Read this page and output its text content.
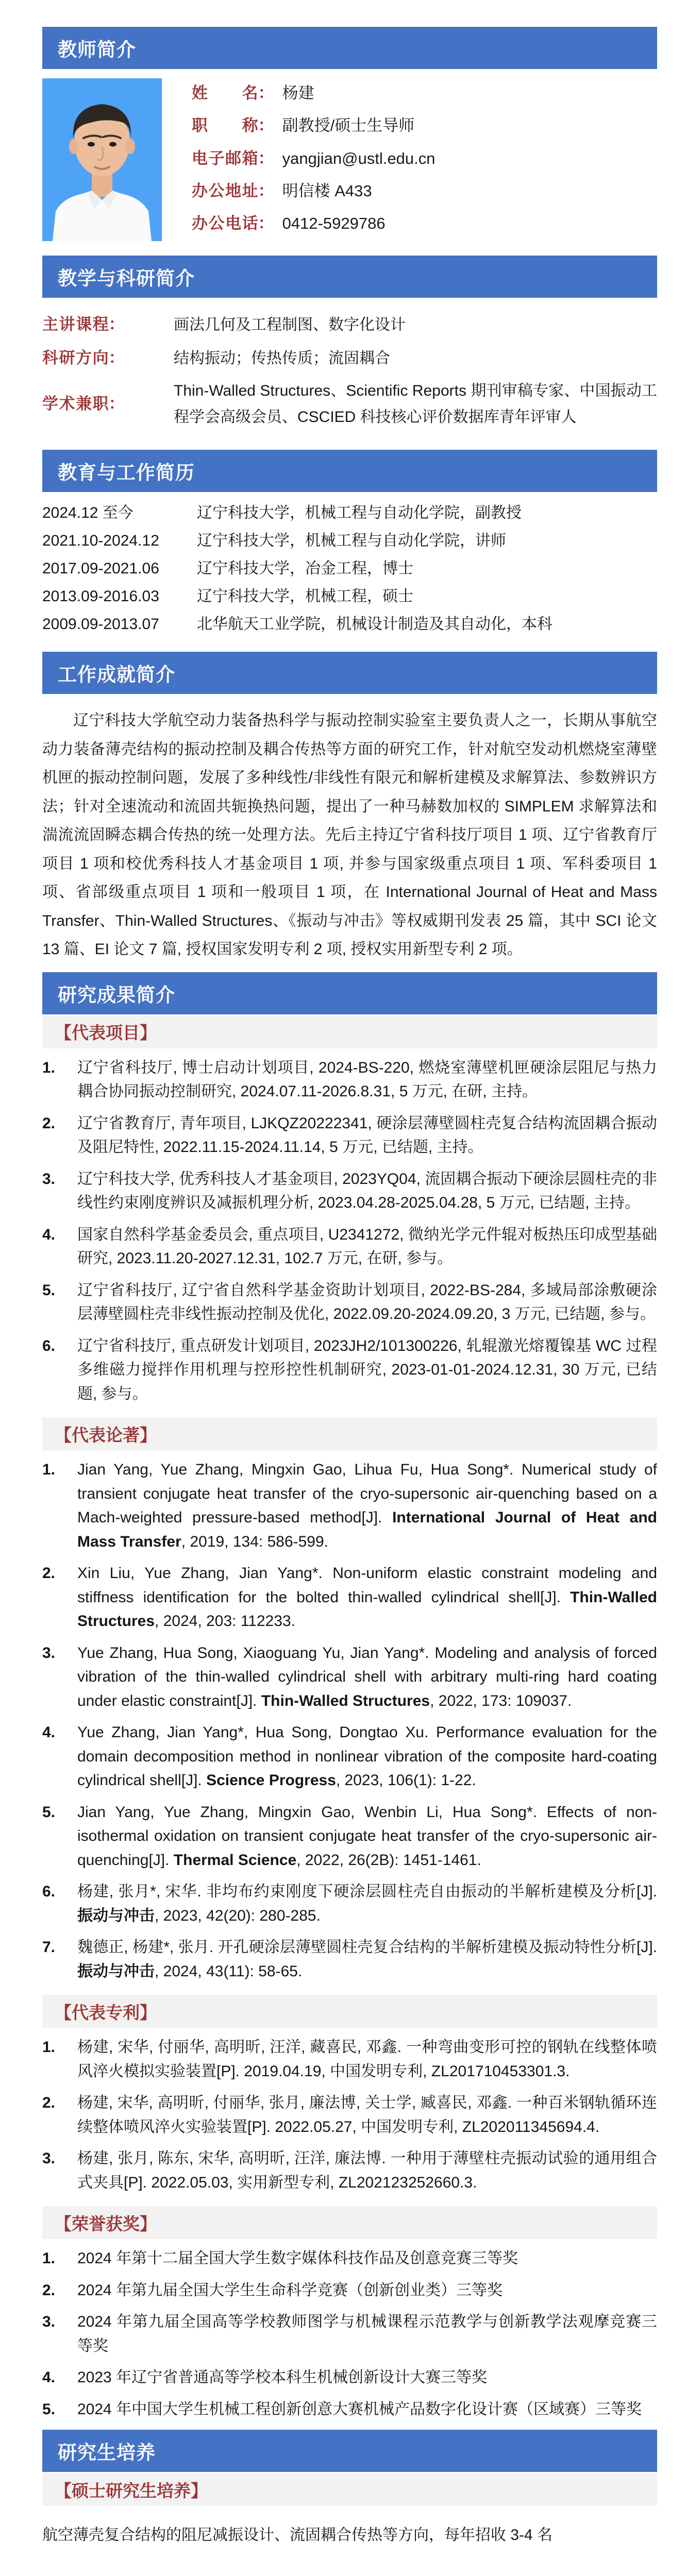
教师简介
姓名： 杨建
职称： 副教授/硕士生导师
电子邮箱： yangjian@ustl.edu.cn
办公地址： 明信楼 A433
办公电话： 0412-5929786
教学与科研简介
主讲课程：	画法几何及工程制图、数字化设计
科研方向：	结构振动；传热传质；流固耦合
学术兼职：
Thin-Walled Structures、Scientific Reports 期刊审稿专家、中国振动工程学会高级会员、CSCIED 科技核心评价数据库青年评审人
教育与工作简历
2024.12 至今	辽宁科技大学，机械工程与自动化学院，副教授
2021.10-2024.12	辽宁科技大学，机械工程与自动化学院，讲师
2017.09-2021.06	辽宁科技大学，冶金工程，博士
2013.09-2016.03	辽宁科技大学，机械工程，硕士
2009.09-2013.07	北华航天工业学院，机械设计制造及其自动化，本科
工作成就简介

辽宁科技大学航空动力装备热科学与振动控制实验室主要负责人之一，长期从事航空动力装备薄壳结构的振动控制及耦合传热等方面的研究工作，针对航空发动机燃烧室薄壁机匣的振动控制问题，发展了多种线性/非线性有限元和解析建模及求解算法、参数辨识方法；针对全速流动和流固共轭换热问题，提出了一种马赫数加权的 SIMPLEM 求解算法和湍流流固瞬态耦合传热的统一处理方法。先后主持辽宁省科技厅项目 1 项、辽宁省教育厅项目 1 项和校优秀科技人才基金项目 1 项, 并参与国家级重点项目 1 项、军科委项目 1 项、省部级重点项目 1 项和一般项目 1 项，在 International Journal of Heat and Mass Transfer、Thin-Walled Structures、《振动与冲击》等权威期刊发表 25 篇，其中 SCI 论文 13 篇、EI 论文 7 篇, 授权国家发明专利 2 项, 授权实用新型专利 2 项。

研究成果简介
【代表项目】
1.	辽宁省科技厅, 博士启动计划项目, 2024-BS-220, 燃烧室薄壁机匣硬涂层阻尼与热力耦合协同振动控制研究, 2024.07.11-2026.8.31, 5 万元, 在研, 主持。
2.	辽宁省教育厅, 青年项目, LJKQZ20222341, 硬涂层薄壁圆柱壳复合结构流固耦合振动及阻尼特性, 2022.11.15-2024.11.14, 5 万元, 已结题, 主持。
3.	辽宁科技大学, 优秀科技人才基金项目, 2023YQ04, 流固耦合振动下硬涂层圆柱壳的非线性约束刚度辨识及减振机理分析, 2023.04.28-2025.04.28, 5 万元, 已结题, 主持。
4.	国家自然科学基金委员会, 重点项目, U2341272, 微纳光学元件辊对板热压印成型基础研究, 2023.11.20-2027.12.31, 102.7 万元, 在研, 参与。
5.	辽宁省科技厅, 辽宁省自然科学基金资助计划项目, 2022-BS-284, 多域局部涂敷硬涂层薄壁圆柱壳非线性振动控制及优化, 2022.09.20-2024.09.20, 3 万元, 已结题, 参与。
6.	辽宁省科技厅, 重点研发计划项目, 2023JH2/101300226, 轧辊激光熔覆镍基 WC 过程多维磁力搅拌作用机理与控形控性机制研究, 2023-01-01-2024.12.31, 30 万元, 已结题, 参与。
【代表论著】
1.	Jian Yang, Yue Zhang, Mingxin Gao, Lihua Fu, Hua Song*. Numerical study of transient conjugate heat transfer of the cryo-supersonic air-quenching based on a Mach-weighted pressure-based method[J]. International Journal of Heat and Mass Transfer, 2019, 134: 586-599.
2.	Xin Liu, Yue Zhang, Jian Yang*. Non-uniform elastic constraint modeling and stiffness identification for the bolted thin-walled cylindrical shell[J]. Thin-Walled Structures, 2024, 203: 112233.
3.	Yue Zhang, Hua Song, Xiaoguang Yu, Jian Yang*. Modeling and analysis of forced vibration of the thin-walled cylindrical shell with arbitrary multi-ring hard coating under elastic constraint[J]. Thin-Walled Structures, 2022, 173: 109037.
4.	Yue Zhang, Jian Yang*, Hua Song, Dongtao Xu. Performance evaluation for the domain decomposition method in nonlinear vibration of the composite hard-coating cylindrical shell[J]. Science Progress, 2023, 106(1): 1-22.
5.	Jian Yang, Yue Zhang, Mingxin Gao, Wenbin Li, Hua Song*. Effects of non-isothermal oxidation on transient conjugate heat transfer of the cryo-supersonic air-quenching[J]. Thermal Science, 2022, 26(2B): 1451-1461.
6.	杨建, 张月*, 宋华. 非均布约束刚度下硬涂层圆柱壳自由振动的半解析建模及分析[J]. 振动与冲击, 2023, 42(20): 280-285.
7.	魏德正, 杨建*, 张月. 开孔硬涂层薄壁圆柱壳复合结构的半解析建模及振动特性分析[J]. 振动与冲击, 2024, 43(11): 58-65.
【代表专利】
1.	杨建, 宋华, 付丽华, 高明昕, 汪洋, 藏喜民, 邓鑫. 一种弯曲变形可控的钢轨在线整体喷风淬火模拟实验装置[P]. 2019.04.19, 中国发明专利, ZL201710453301.3.
2.	杨建, 宋华, 高明昕, 付丽华, 张月, 廉法博, 关士学, 臧喜民, 邓鑫. 一种百米钢轨循环连续整体喷风淬火实验装置[P]. 2022.05.27, 中国发明专利, ZL202011345694.4.
3.	杨建, 张月, 陈东, 宋华, 高明昕, 汪洋, 廉法博. 一种用于薄壁柱壳振动试验的通用组合式夹具[P]. 2022.05.03, 实用新型专利, ZL202123252660.3.
【荣誉获奖】
1.	2024 年第十二届全国大学生数字媒体科技作品及创意竞赛三等奖
2.	2024 年第九届全国大学生生命科学竞赛（创新创业类）三等奖
3.	2024 年第九届全国高等学校教师图学与机械课程示范教学与创新教学法观摩竞赛三等奖
4.	2023 年辽宁省普通高等学校本科生机械创新设计大赛三等奖
5.	2024 年中国大学生机械工程创新创意大赛机械产品数字化设计赛（区域赛）三等奖
研究生培养
【硕士研究生培养】

航空薄壳复合结构的阻尼减振设计、流固耦合传热等方向，每年招收 3-4 名
